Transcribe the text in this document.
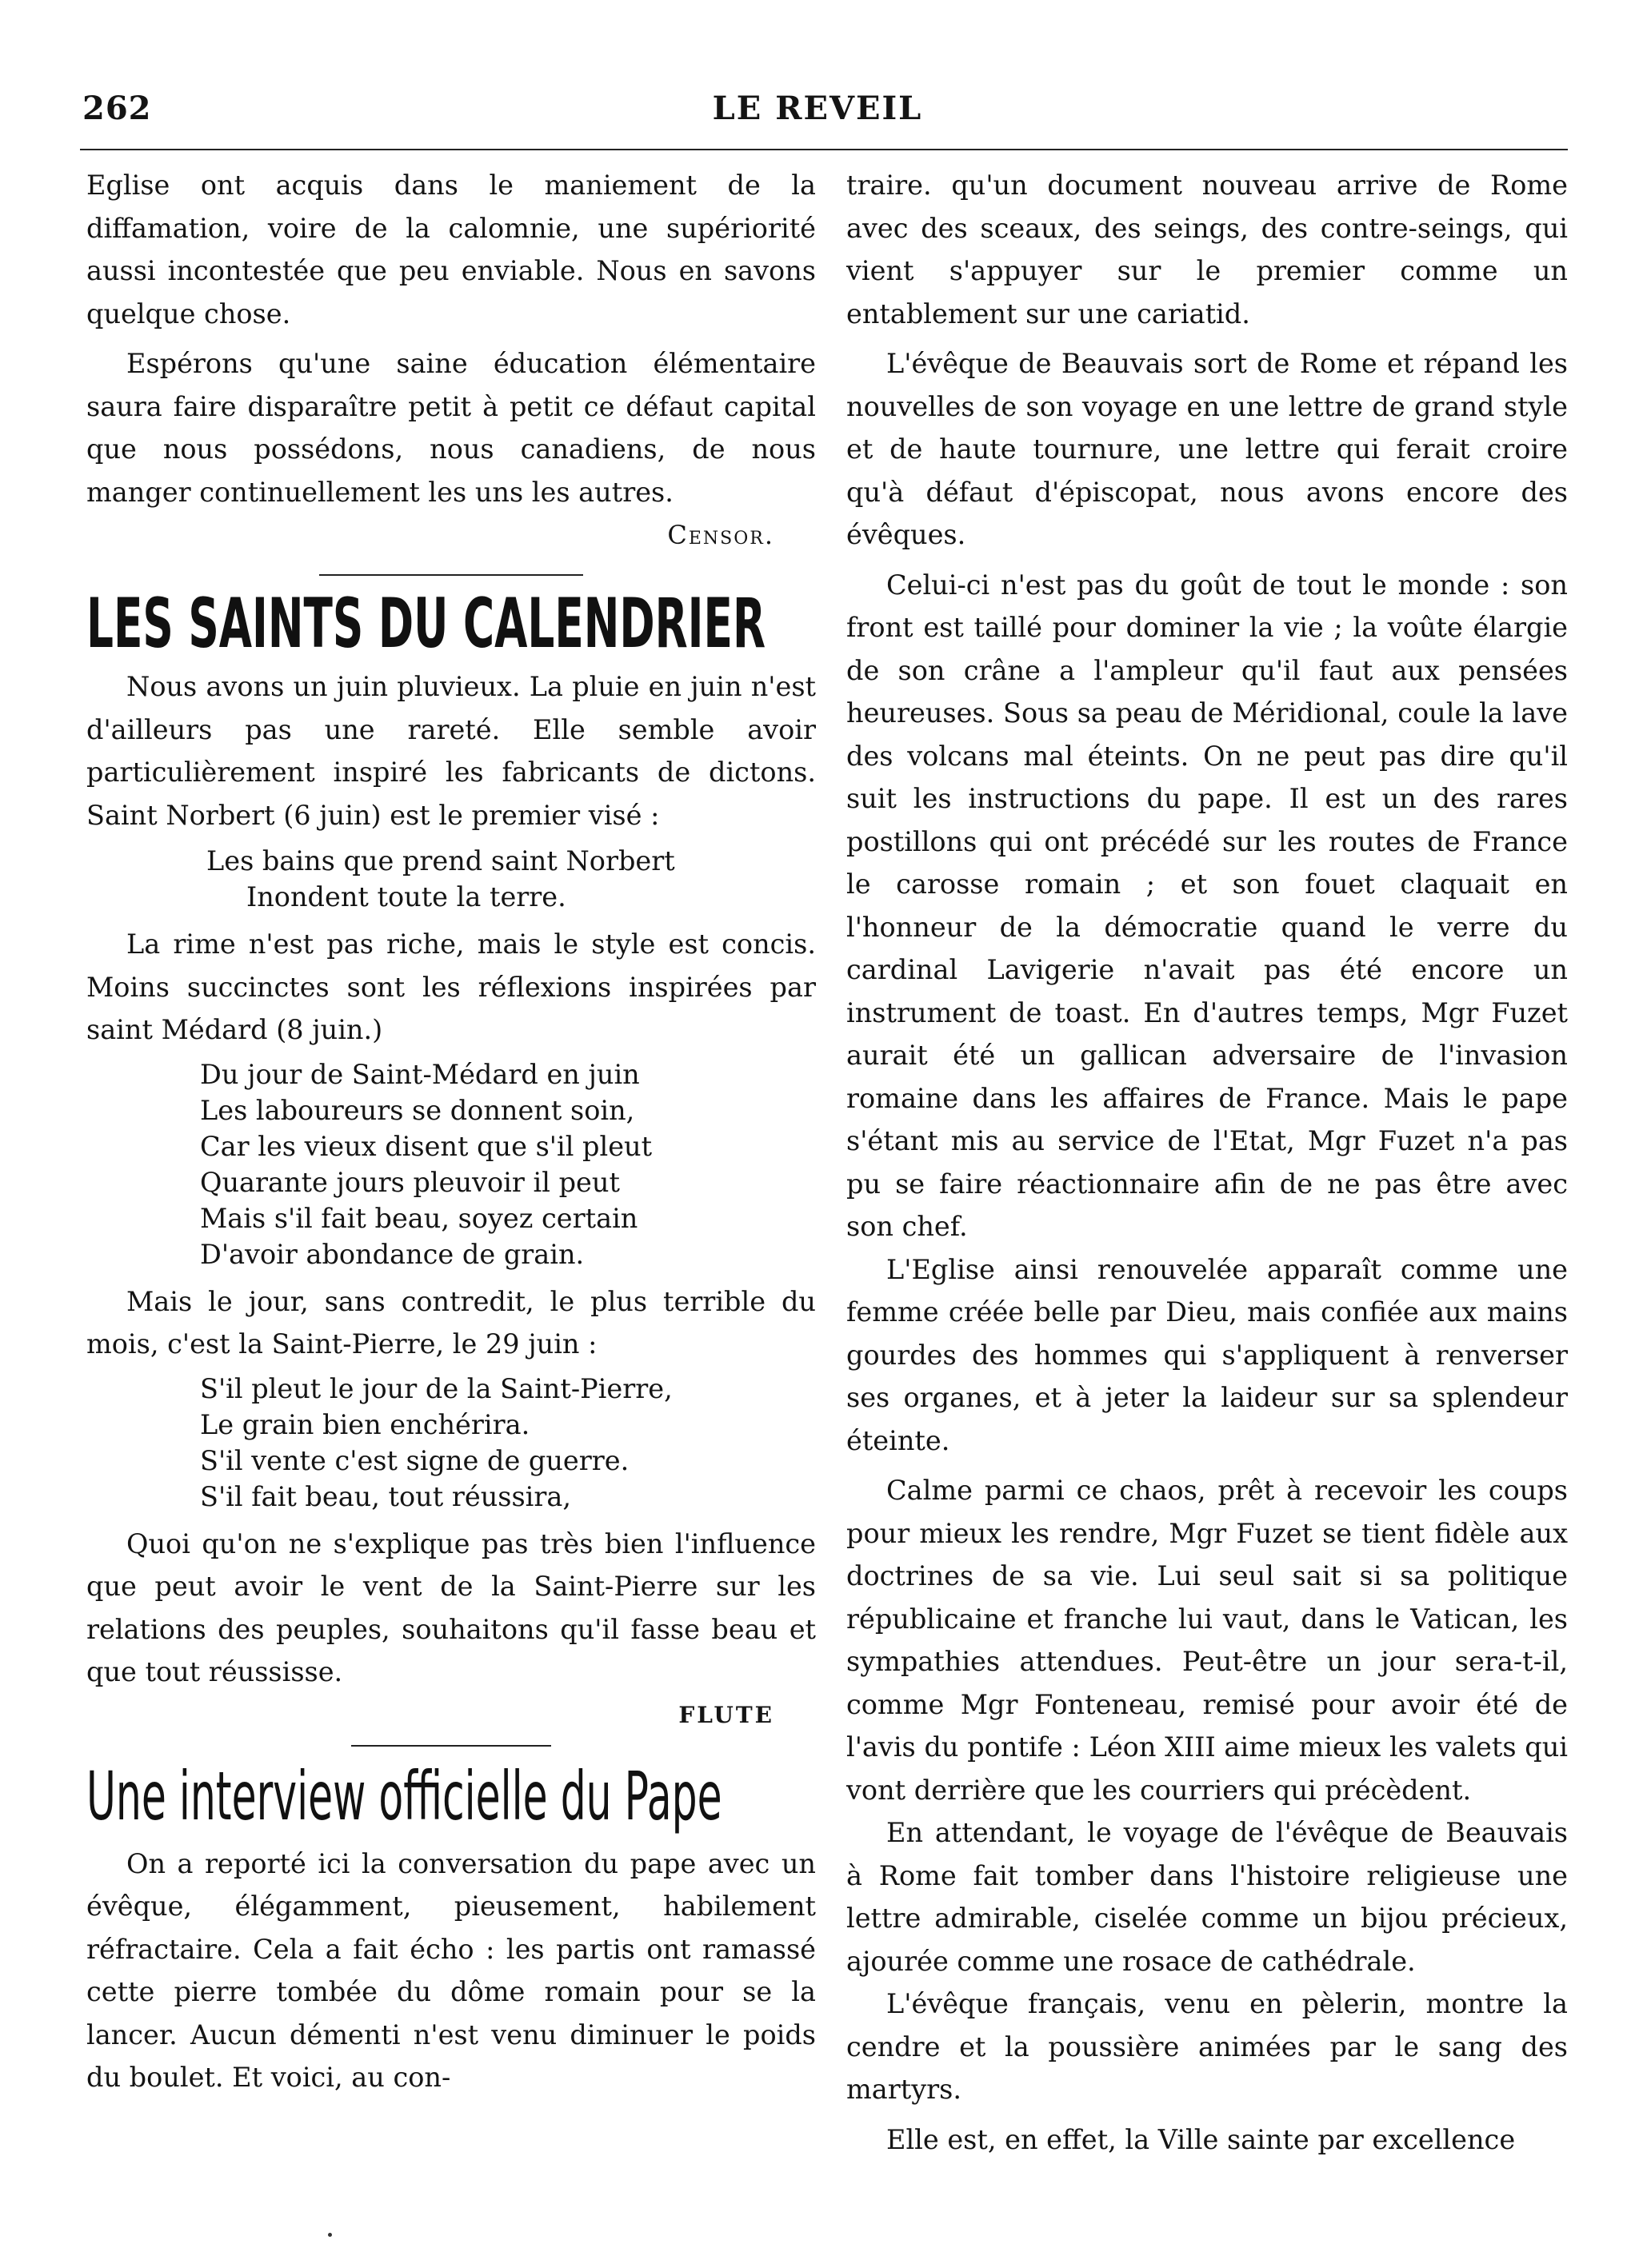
262	LE REVEIL

Eglise ont acquis dans le maniement de la diffamation, voire de la calomnie, une supériorité aussi incontestée que peu enviable. Nous en savons quelque chose.

Espérons qu'une saine éducation élémentaire saura faire disparaître petit à petit ce défaut capital que nous possédons, nous canadiens, de nous manger continuellement les uns les autres.

Censor.
LES SAINTS DU CALENDRIER

Nous avons un juin pluvieux. La pluie en juin n'est d'ailleurs pas une rareté. Elle semble avoir particulièrement inspiré les fabricants de dictons. Saint Norbert (6 juin) est le premier visé :

Les bains que prend saint Norbert
Inondent toute la terre.

La rime n'est pas riche, mais le style est concis. Moins succinctes sont les réflexions inspirées par saint Médard (8 juin.)

Du jour de Saint-Médard en juin
Les laboureurs se donnent soin,
Car les vieux disent que s'il pleut
Quarante jours pleuvoir il peut
Mais s'il fait beau, soyez certain
D'avoir abondance de grain.

Mais le jour, sans contredit, le plus terrible du mois, c'est la Saint-Pierre, le 29 juin :

S'il pleut le jour de la Saint-Pierre,
Le grain bien enchérira.
S'il vente c'est signe de guerre.
S'il fait beau, tout réussira,

Quoi qu'on ne s'explique pas très bien l'influence que peut avoir le vent de la Saint-Pierre sur les relations des peuples, souhaitons qu'il fasse beau et que tout réussisse.

FLUTE
Une interview officielle du Pape

On a reporté ici la conversation du pape avec un évêque, élégamment, pieusement, habilement réfractaire. Cela a fait écho : les partis ont ramassé cette pierre tombée du dôme romain pour se la lancer. Aucun démenti n'est venu diminuer le poids du boulet. Et voici, au con-

traire. qu'un document nouveau arrive de Rome avec des sceaux, des seings, des contre-seings, qui vient s'appuyer sur le premier comme un entablement sur une cariatid.

L'évêque de Beauvais sort de Rome et répand les nouvelles de son voyage en une lettre de grand style et de haute tournure, une lettre qui ferait croire qu'à défaut d'épiscopat, nous avons encore des évêques.

Celui-ci n'est pas du goût de tout le monde : son front est taillé pour dominer la vie ; la voûte élargie de son crâne a l'ampleur qu'il faut aux pensées heureuses. Sous sa peau de Méridional, coule la lave des volcans mal éteints. On ne peut pas dire qu'il suit les instructions du pape. Il est un des rares postillons qui ont précédé sur les routes de France le carosse romain ; et son fouet claquait en l'honneur de la démocratie quand le verre du cardinal Lavigerie n'avait pas été encore un instrument de toast. En d'autres temps, Mgr Fuzet aurait été un gallican adversaire de l'invasion romaine dans les affaires de France. Mais le pape s'étant mis au service de l'Etat, Mgr Fuzet n'a pas pu se faire réactionnaire afin de ne pas être avec son chef.

L'Eglise ainsi renouvelée apparaît comme une femme créée belle par Dieu, mais confiée aux mains gourdes des hommes qui s'appliquent à renverser ses organes, et à jeter la laideur sur sa splendeur éteinte.

Calme parmi ce chaos, prêt à recevoir les coups pour mieux les rendre, Mgr Fuzet se tient fidèle aux doctrines de sa vie. Lui seul sait si sa politique républicaine et franche lui vaut, dans le Vatican, les sympathies attendues. Peut-être un jour sera-t-il, comme Mgr Fonteneau, remisé pour avoir été de l'avis du pontife : Léon XIII aime mieux les valets qui vont derrière que les courriers qui précèdent.

En attendant, le voyage de l'évêque de Beauvais à Rome fait tomber dans l'histoire religieuse une lettre admirable, ciselée comme un bijou précieux, ajourée comme une rosace de cathédrale.

L'évêque français, venu en pèlerin, montre la cendre et la poussière animées par le sang des martyrs.

Elle est, en effet, la Ville sainte par excellence
